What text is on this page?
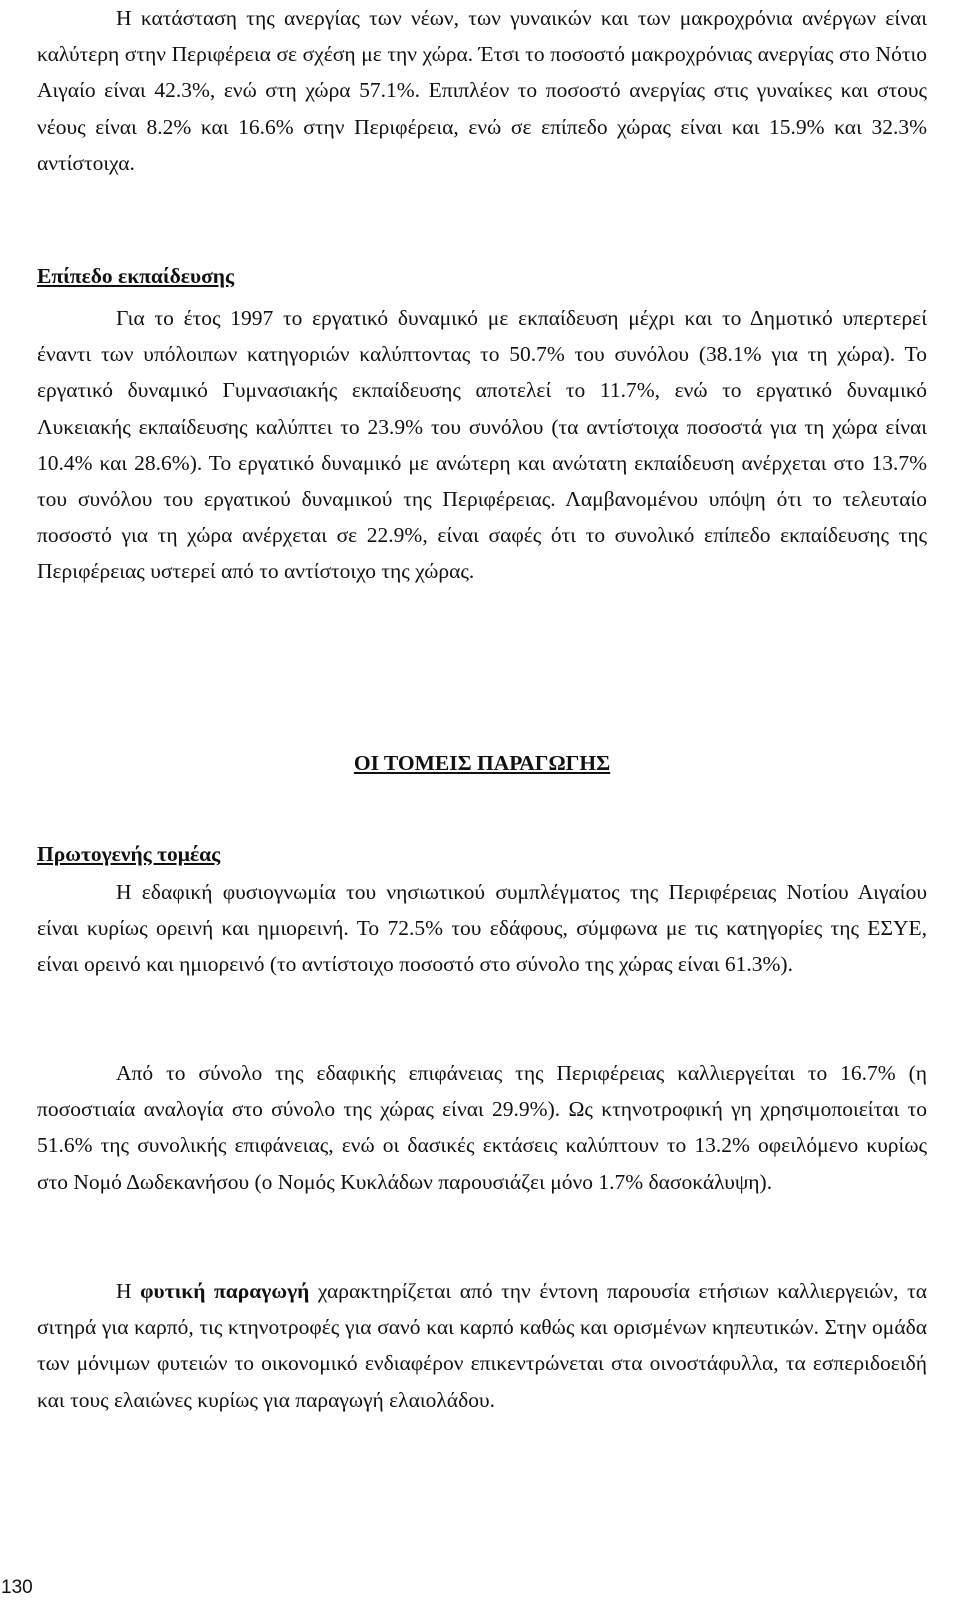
Η κατάσταση της ανεργίας των νέων, των γυναικών και των μακροχρόνια ανέργων είναι καλύτερη στην Περιφέρεια σε σχέση με την χώρα. Έτσι το ποσοστό μακροχρόνιας ανεργίας στο Νότιο Αιγαίο είναι 42.3%, ενώ στη χώρα 57.1%. Επιπλέον το ποσοστό ανεργίας στις γυναίκες και στους νέους είναι 8.2% και 16.6% στην Περιφέρεια, ενώ σε επίπεδο χώρας είναι και 15.9% και 32.3% αντίστοιχα.

Επίπεδο εκπαίδευσης

Για το έτος 1997 το εργατικό δυναμικό με εκπαίδευση μέχρι και το Δημοτικό υπερτερεί έναντι των υπόλοιπων κατηγοριών καλύπτοντας το 50.7% του συνόλου (38.1% για τη χώρα). Το εργατικό δυναμικό Γυμνασιακής εκπαίδευσης αποτελεί το 11.7%, ενώ το εργατικό δυναμικό Λυκειακής εκπαίδευσης καλύπτει το 23.9% του συνόλου (τα αντίστοιχα ποσοστά για τη χώρα είναι 10.4% και 28.6%). Το εργατικό δυναμικό με ανώτερη και ανώτατη εκπαίδευση ανέρχεται στο 13.7% του συνόλου του εργατικού δυναμικού της Περιφέρειας. Λαμβανομένου υπόψη ότι το τελευταίο ποσοστό για τη χώρα ανέρχεται σε 22.9%, είναι σαφές ότι το συνολικό επίπεδο εκπαίδευσης της Περιφέρειας υστερεί από το αντίστοιχο της χώρας.

ΟΙ ΤΟΜΕΙΣ ΠΑΡΑΓΩΓΗΣ
Πρωτογενής τομέας

Η εδαφική φυσιογνωμία του νησιωτικού συμπλέγματος της Περιφέρειας Νοτίου Αιγαίου είναι κυρίως ορεινή και ημιορεινή. Το 72.5% του εδάφους, σύμφωνα με τις κατηγορίες της ΕΣΥΕ, είναι ορεινό και ημιορεινό (το αντίστοιχο ποσοστό στο σύνολο της χώρας είναι 61.3%).

Από το σύνολο της εδαφικής επιφάνειας της Περιφέρειας καλλιεργείται το 16.7% (η ποσοστιαία αναλογία στο σύνολο της χώρας είναι 29.9%). Ως κτηνοτροφική γη χρησιμοποιείται το 51.6% της συνολικής επιφάνειας, ενώ οι δασικές εκτάσεις καλύπτουν το 13.2% οφειλόμενο κυρίως στο Νομό Δωδεκανήσου (ο Νομός Κυκλάδων παρουσιάζει μόνο 1.7% δασοκάλυψη).

Η φυτική παραγωγή χαρακτηρίζεται από την έντονη παρουσία ετήσιων καλλιεργειών, τα σιτηρά για καρπό, τις κτηνοτροφές για σανό και καρπό καθώς και ορισμένων κηπευτικών. Στην ομάδα των μόνιμων φυτειών το οικονομικό ενδιαφέρον επικεντρώνεται στα οινοστάφυλλα, τα εσπεριδοειδή και τους ελαιώνες κυρίως για παραγωγή ελαιολάδου.

130
